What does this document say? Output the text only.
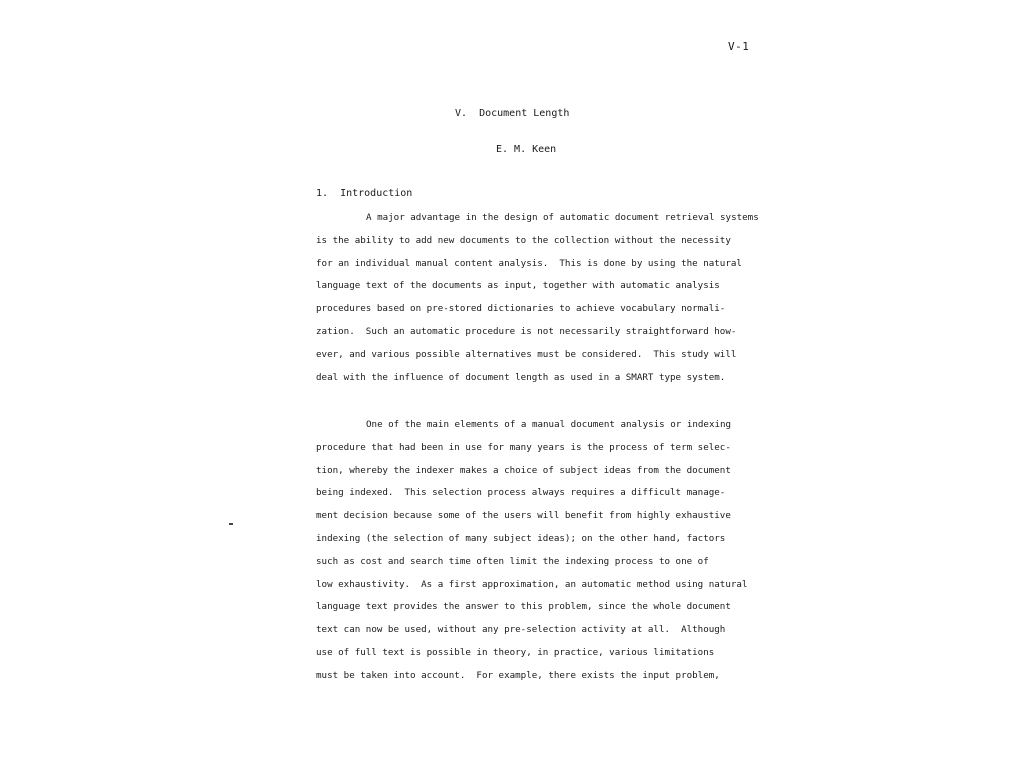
V-1
V.  Document Length
E. M. Keen
1.  Introduction
A major advantage in the design of automatic document retrieval systems
is the ability to add new documents to the collection without the necessity
for an individual manual content analysis.  This is done by using the natural
language text of the documents as input, together with automatic analysis
procedures based on pre-stored dictionaries to achieve vocabulary normali-
zation.  Such an automatic procedure is not necessarily straightforward how-
ever, and various possible alternatives must be considered.  This study will
deal with the influence of document length as used in a SMART type system.
One of the main elements of a manual document analysis or indexing
procedure that had been in use for many years is the process of term selec-
tion, whereby the indexer makes a choice of subject ideas from the document
being indexed.  This selection process always requires a difficult manage-
ment decision because some of the users will benefit from highly exhaustive
indexing (the selection of many subject ideas); on the other hand, factors
such as cost and search time often limit the indexing process to one of
low exhaustivity.  As a first approximation, an automatic method using natural
language text provides the answer to this problem, since the whole document
text can now be used, without any pre-selection activity at all.  Although
use of full text is possible in theory, in practice, various limitations
must be taken into account.  For example, there exists the input problem,
